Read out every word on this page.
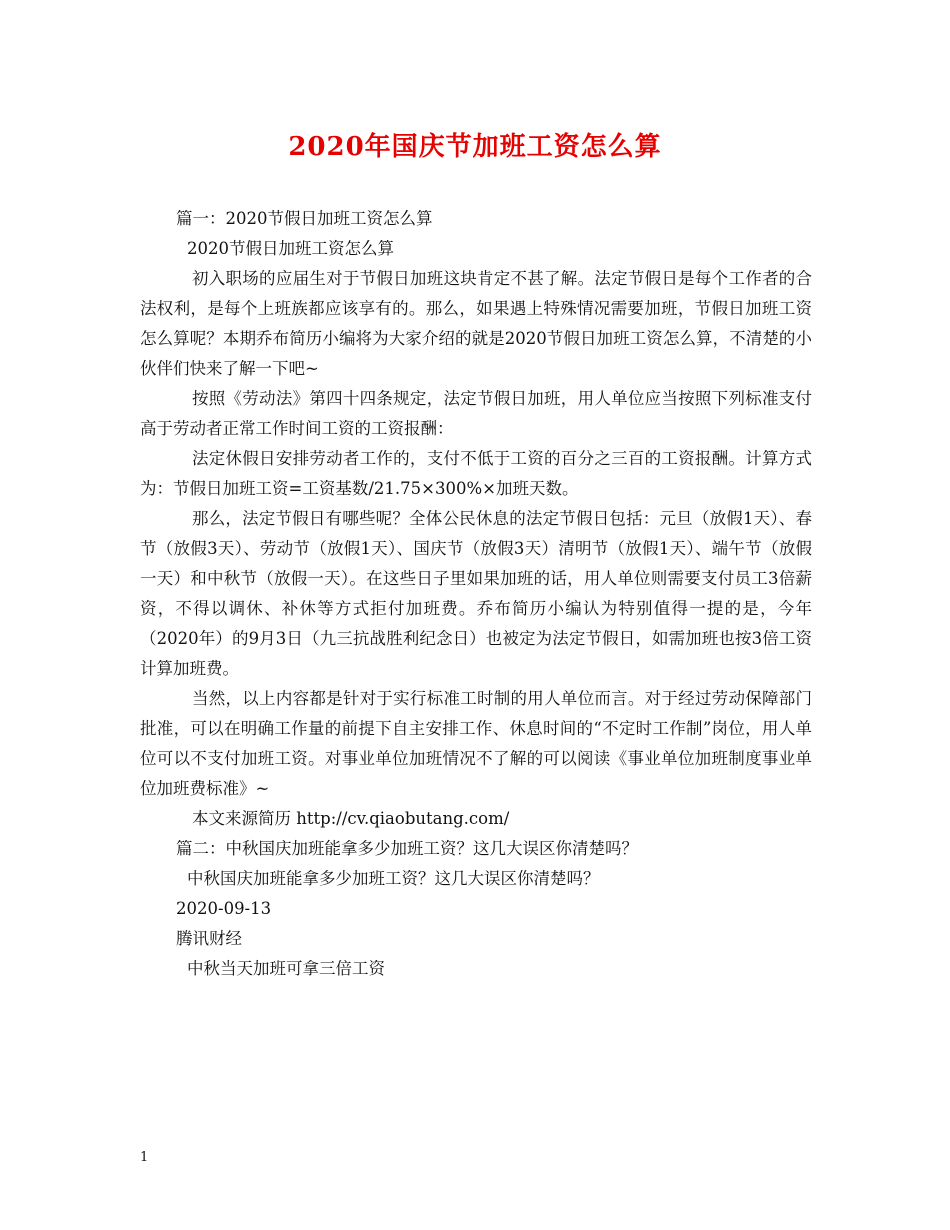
2020年国庆节加班工资怎么算

篇一：2020节假日加班工资怎么算

2020节假日加班工资怎么算

初入职场的应届生对于节假日加班这块肯定不甚了解。法定节假日是每个工作者的合法权利，是每个上班族都应该享有的。那么，如果遇上特殊情况需要加班，节假日加班工资怎么算呢？本期乔布简历小编将为大家介绍的就是2020节假日加班工资怎么算，不清楚的小伙伴们快来了解一下吧~

按照《劳动法》第四十四条规定，法定节假日加班，用人单位应当按照下列标准支付高于劳动者正常工作时间工资的工资报酬：

法定休假日安排劳动者工作的，支付不低于工资的百分之三百的工资报酬。计算方式为：节假日加班工资=工资基数/21.75×300%×加班天数。

那么，法定节假日有哪些呢？全体公民休息的法定节假日包括：元旦（放假1天）、春节（放假3天）、劳动节（放假1天）、国庆节（放假3天）清明节（放假1天）、端午节（放假一天）和中秋节（放假一天）。在这些日子里如果加班的话，用人单位则需要支付员工3倍薪资，不得以调休、补休等方式拒付加班费。乔布简历小编认为特别值得一提的是，今年（2020年）的9月3日（九三抗战胜利纪念日）也被定为法定节假日，如需加班也按3倍工资计算加班费。

当然，以上内容都是针对于实行标准工时制的用人单位而言。对于经过劳动保障部门批准，可以在明确工作量的前提下自主安排工作、休息时间的“不定时工作制”岗位，用人单位可以不支付加班工资。对事业单位加班情况不了解的可以阅读《事业单位加班制度事业单位加班费标准》~

本文来源简历 http://cv.qiaobutang.com/

篇二：中秋国庆加班能拿多少加班工资？这几大误区你清楚吗？

中秋国庆加班能拿多少加班工资？这几大误区你清楚吗？

2020-09-13

腾讯财经

中秋当天加班可拿三倍工资

1
